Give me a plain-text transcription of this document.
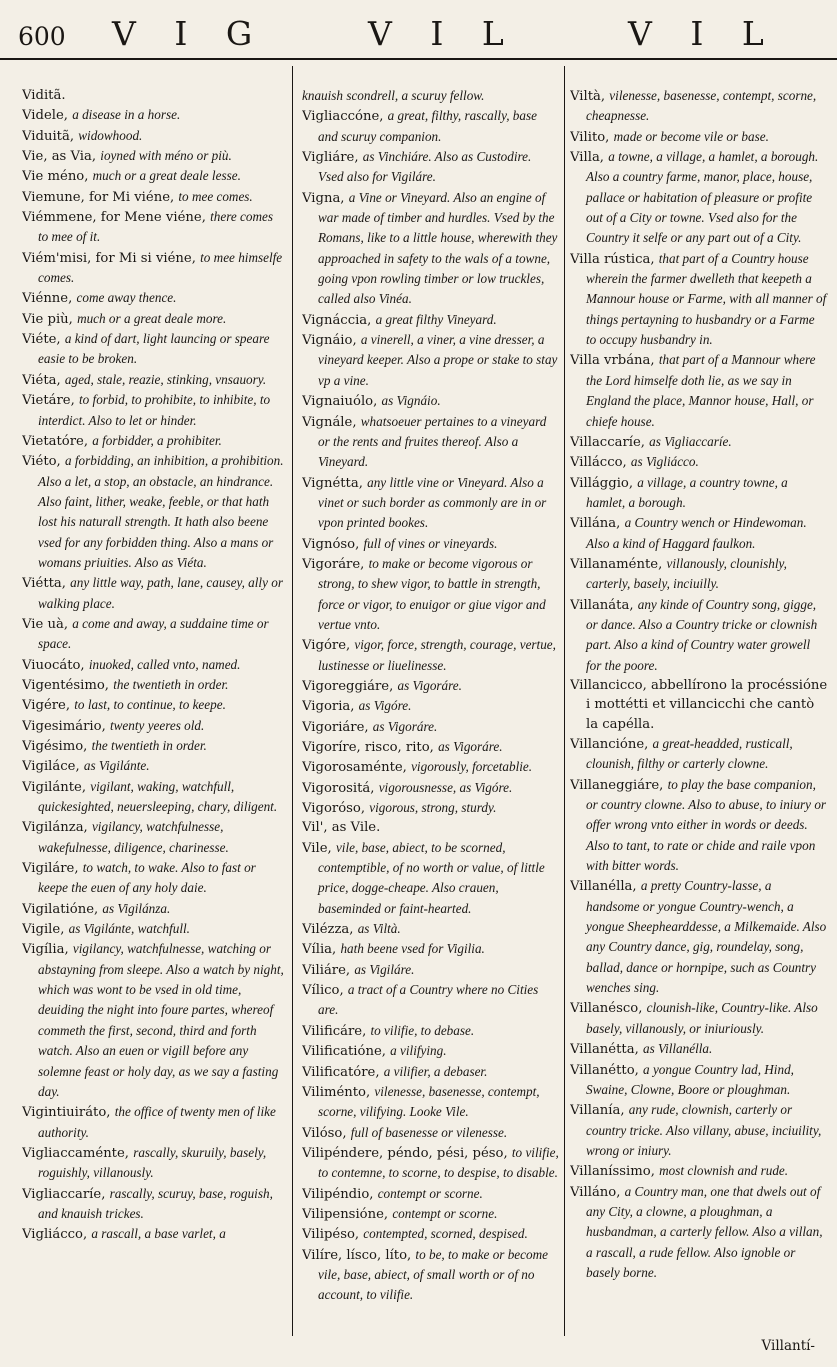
600 V I G	V I L	V I L

Viditã.

Videle, a disease in a horse.

Viduitã, widowhood.

Vie, as Via, ioyned with méno or più.

Vie méno, much or a great deale lesse.

Viemune, for Mi viéne, to mee comes.

Viémmene, for Mene viéne, there comes to mee of it.

Viém'misi, for Mi si viéne, to mee himselfe comes.

Viénne, come away thence.

Vie più, much or a great deale more.

Viéte, a kind of dart, light launcing or speare easie to be broken.

Viéta, aged, stale, reazie, stinking, vnsauory.

Vietáre, to forbid, to prohibite, to inhibite, to interdict. Also to let or hinder.

Vietatóre, a forbidder, a prohibiter.

Viéto, a forbidding, an inhibition, a prohibition. Also a let, a stop, an obstacle, an hindrance. Also faint, lither, weake, feeble, or that hath lost his naturall strength. It hath also beene vsed for any forbidden thing. Also a mans or womans priuities. Also as Viéta.

Viétta, any little way, path, lane, causey, ally or walking place.

Vie uà, a come and away, a suddaine time or space.

Viuocáto, inuoked, called vnto, named.

Vigentésimo, the twentieth in order.

Vigére, to last, to continue, to keepe.

Vigesimário, twenty yeeres old.

Vigésimo, the twentieth in order.

Vigiláce, as Vigilánte.

Vigilánte, vigilant, waking, watchfull, quickesighted, neuersleeping, chary, diligent.

Vigilánza, vigilancy, watchfulnesse, wakefulnesse, diligence, charinesse.

Vigiláre, to watch, to wake. Also to fast or keepe the euen of any holy daie.

Vigilatióne, as Vigilánza.

Vigile, as Vigilánte, watchfull.

Vigília, vigilancy, watchfulnesse, watching or abstayning from sleepe. Also a watch by night, which was wont to be vsed in old time, deuiding the night into foure partes, whereof commeth the first, second, third and forth watch. Also an euen or vigill before any solemne feast or holy day, as we say a fasting day.

Vigintiuiráto, the office of twenty men of like authority.

Vigliaccaménte, rascally, skuruily, basely, roguishly, villanously.

Vigliaccaríe, rascally, scuruy, base, roguish, and knauish trickes.

Vigliácco, a rascall, a base varlet, a

knauish scondrell, a scuruy fellow.

Vigliaccóne, a great, filthy, rascally, base and scuruy companion.

Vigliáre, as Vinchiáre. Also as Custodire. Vsed also for Vigiláre.

Vigna, a Vine or Vineyard. Also an engine of war made of timber and hurdles. Vsed by the Romans, like to a little house, wherewith they approached in safety to the wals of a towne, going vpon rowling timber or low truckles, called also Vinéa.

Vignáccia, a great filthy Vineyard.

Vignáio, a vinerell, a viner, a vine dresser, a vineyard keeper. Also a prope or stake to stay vp a vine.

Vignaiuólo, as Vignáio.

Vignále, whatsoeuer pertaines to a vineyard or the rents and fruites thereof. Also a Vineyard.

Vignétta, any little vine or Vineyard. Also a vinet or such border as commonly are in or vpon printed bookes.

Vignóso, full of vines or vineyards.

Vigoráre, to make or become vigorous or strong, to shew vigor, to battle in strength, force or vigor, to enuigor or giue vigor and vertue vnto.

Vigóre, vigor, force, strength, courage, vertue, lustinesse or liuelinesse.

Vigoreggiáre, as Vigoráre.

Vigoria, as Vigóre.

Vigoriáre, as Vigoráre.

Vigoríre, risco, rito, as Vigoráre.

Vigorosaménte, vigorously, forcetablie.

Vigorositá, vigorousnesse, as Vigóre.

Vigoróso, vigorous, strong, sturdy.

Vil', as Vile.

Vile, vile, base, abiect, to be scorned, contemptible, of no worth or value, of little price, dogge-cheape. Also crauen, baseminded or faint-hearted.

Vilézza, as Viltà.

Vília, hath beene vsed for Vigilia.

Viliáre, as Vigiláre.

Vílico, a tract of a Country where no Cities are.

Vilificáre, to vilifie, to debase.

Vilificatióne, a vilifying.

Vilificatóre, a vilifier, a debaser.

Viliménto, vilenesse, basenesse, contempt, scorne, vilifying. Looke Vile.

Vilóso, full of basenesse or vilenesse.

Vilipéndere, péndo, pési, péso, to vilifie, to contemne, to scorne, to despise, to disable.

Vilipéndio, contempt or scorne.

Vilipensióne, contempt or scorne.

Vilipéso, contempted, scorned, despised.

Vilíre, lísco, líto, to be, to make or become vile, base, abiect, of small worth or of no account, to vilifie.

Viltà, vilenesse, basenesse, contempt, scorne, cheapnesse.

Vilito, made or become vile or base.

Villa, a towne, a village, a hamlet, a borough. Also a country farme, manor, place, house, pallace or habitation of pleasure or profite out of a City or towne. Vsed also for the Country it selfe or any part out of a City.

Villa rústica, that part of a Country house wherein the farmer dwelleth that keepeth a Mannour house or Farme, with all manner of things pertayning to husbandry or a Farme to occupy husbandry in.

Villa vrbána, that part of a Mannour where the Lord himselfe doth lie, as we say in England the place, Mannor house, Hall, or chiefe house.

Villaccaríe, as Vigliaccaríe.

Villácco, as Vigliácco.

Villággio, a village, a country towne, a hamlet, a borough.

Villána, a Country wench or Hindewoman. Also a kind of Haggard faulkon.

Villanaménte, villanously, clounishly, carterly, basely, inciuilly.

Villanáta, any kinde of Country song, gigge, or dance. Also a Country tricke or clownish part. Also a kind of Country water growell for the poore.

Villancicco, abbellírono la procéssióne i mottétti et villancicchi che cantò la capélla.

Villancióne, a great-headded, rusticall, clounish, filthy or carterly clowne.

Villaneggiáre, to play the base companion, or country clowne. Also to abuse, to iniury or offer wrong vnto either in words or deeds. Also to tant, to rate or chide and raile vpon with bitter words.

Villanélla, a pretty Country-lasse, a handsome or yongue Country-wench, a yongue Sheephearddesse, a Milkemaide. Also any Country dance, gig, roundelay, song, ballad, dance or hornpipe, such as Country wenches sing.

Villanésco, clounish-like, Country-like. Also basely, villanously, or iniuriously.

Villanétta, as Villanélla.

Villanétto, a yongue Country lad, Hind, Swaine, Clowne, Boore or ploughman.

Villanía, any rude, clownish, carterly or country tricke. Also villany, abuse, inciuility, wrong or iniury.

Villaníssimo, most clownish and rude.

Villáno, a Country man, one that dwels out of any City, a clowne, a ploughman, a husbandman, a carterly fellow. Also a villan, a rascall, a rude fellow. Also ignoble or basely borne.

Villantí-
